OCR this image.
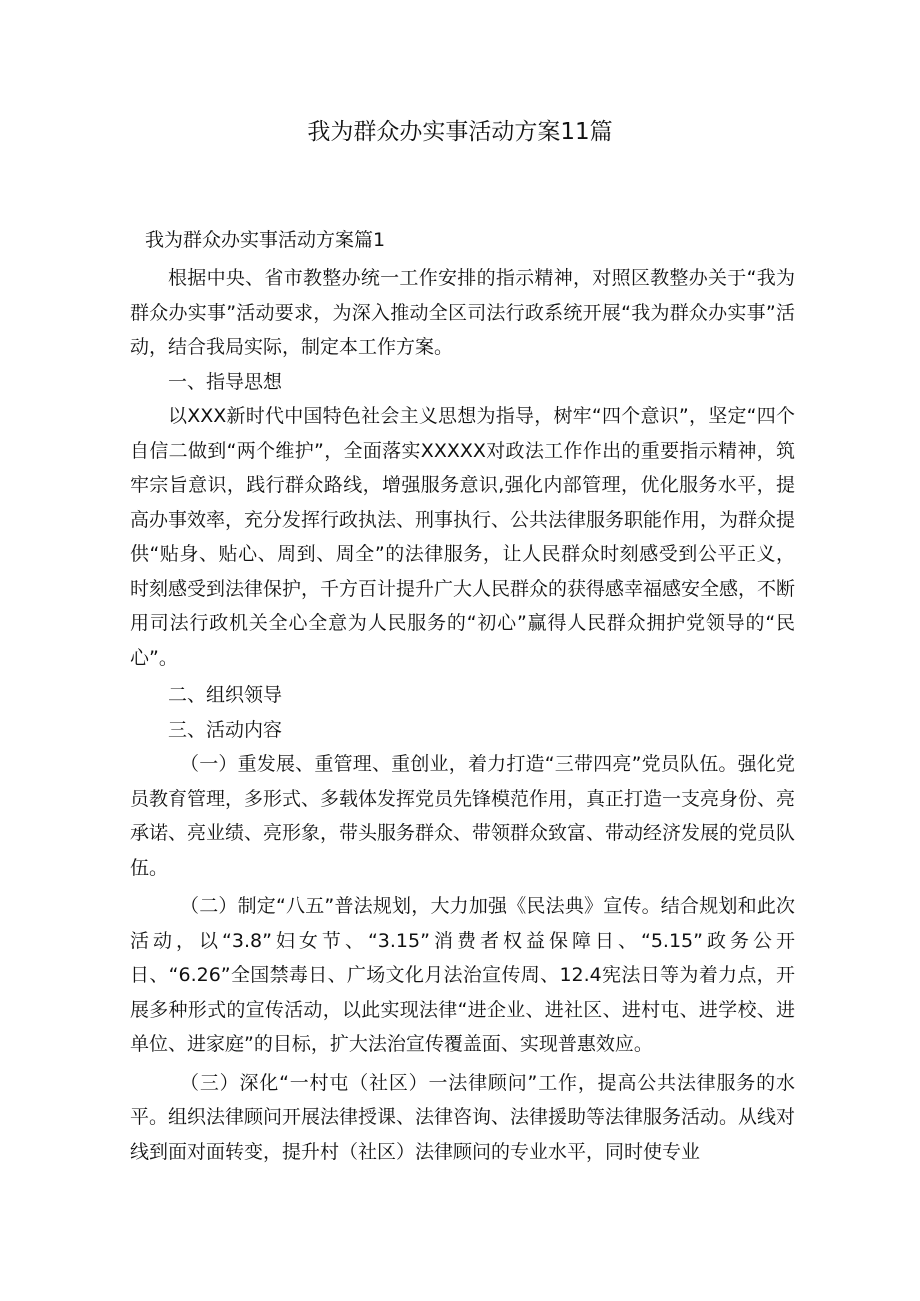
我为群众办实事活动方案11篇
我为群众办实事活动方案篇1

根据中央、省市教整办统一工作安排的指示精神，对照区教整办关于“我为群众办实事”活动要求，为深入推动全区司法行政系统开展“我为群众办实事”活动，结合我局实际，制定本工作方案。

一、指导思想

以XXX新时代中国特色社会主义思想为指导，树牢“四个意识”，坚定“四个自信二做到“两个维护”，全面落实XXXXX对政法工作作出的重要指示精神，筑牢宗旨意识，践行群众路线，增强服务意识,强化内部管理，优化服务水平，提高办事效率，充分发挥行政执法、刑事执行、公共法律服务职能作用，为群众提供“贴身、贴心、周到、周全”的法律服务，让人民群众时刻感受到公平正义，时刻感受到法律保护，千方百计提升广大人民群众的获得感幸福感安全感，不断用司法行政机关全心全意为人民服务的“初心”赢得人民群众拥护党领导的“民心”。

二、组织领导
三、活动内容

（一）重发展、重管理、重创业，着力打造“三带四亮”党员队伍。强化党员教育管理，多形式、多载体发挥党员先锋模范作用，真正打造一支亮身份、亮承诺、亮业绩、亮形象，带头服务群众、带领群众致富、带动经济发展的党员队伍。

（二）制定“八五”普法规划，大力加强《民法典》宣传。结合规划和此次活动，以“3.8”妇女节、“3.15”消费者权益保障日、“5.15”政务公开日、“6.26”全国禁毒日、广场文化月法治宣传周、12.4宪法日等为着力点，开展多种形式的宣传活动，以此实现法律“进企业、进社区、进村屯、进学校、进单位、进家庭”的目标，扩大法治宣传覆盖面、实现普惠效应。

（三）深化“一村屯（社区）一法律顾问”工作，提高公共法律服务的水平。组织法律顾问开展法律授课、法律咨询、法律援助等法律服务活动。从线对线到面对面转变，提升村（社区）法律顾问的专业水平，同时使专业
